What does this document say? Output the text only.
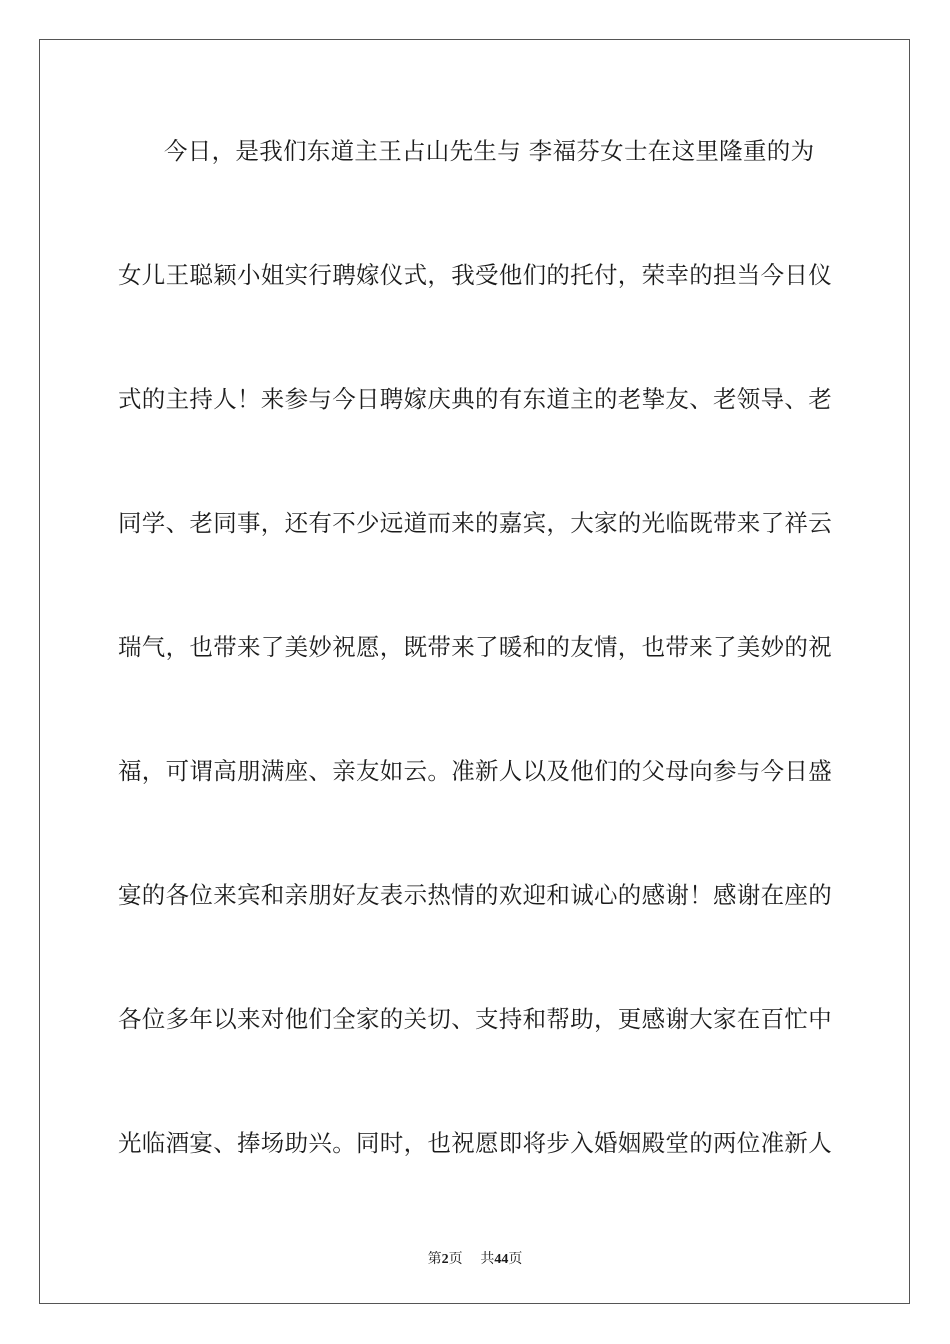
今日，是我们东道主王占山先生与 李福芬女士在这里隆重的为
女儿王聪颖小姐实行聘嫁仪式，我受他们的托付，荣幸的担当今日仪
式的主持人！来参与今日聘嫁庆典的有东道主的老挚友、老领导、老
同学、老同事，还有不少远道而来的嘉宾，大家的光临既带来了祥云
瑞气，也带来了美妙祝愿，既带来了暖和的友情，也带来了美妙的祝
福，可谓高朋满座、亲友如云。准新人以及他们的父母向参与今日盛
宴的各位来宾和亲朋好友表示热情的欢迎和诚心的感谢！感谢在座的
各位多年以来对他们全家的关切、支持和帮助，更感谢大家在百忙中
光临酒宴、捧场助兴。同时，也祝愿即将步入婚姻殿堂的两位准新人
第2页 共44页
